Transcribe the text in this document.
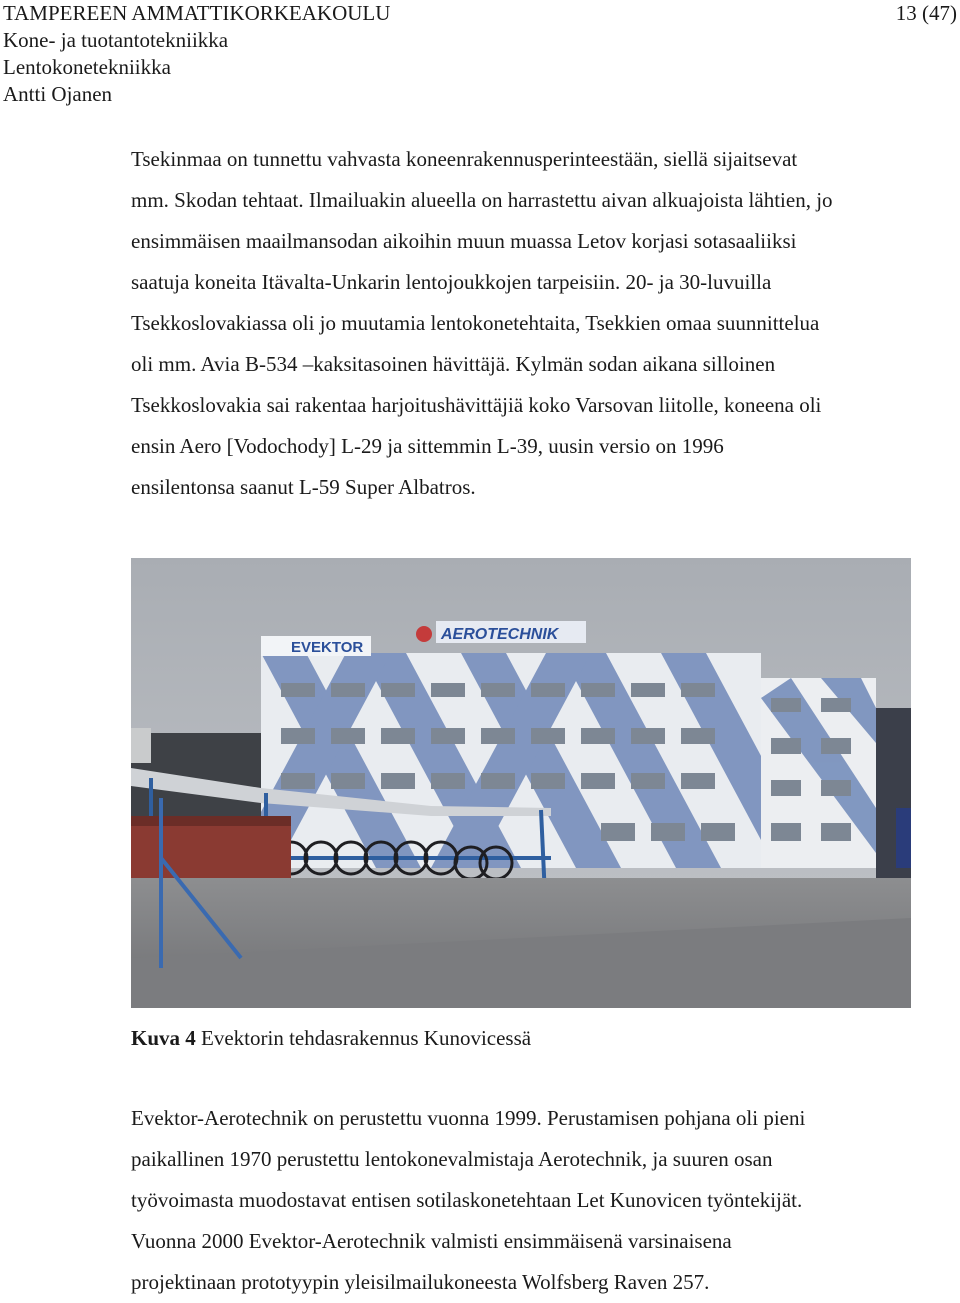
TAMPEREEN AMMATTIKORKEAKOULU
Kone- ja tuotantotekniikka
Lentokonetekniikka
Antti Ojanen
13 (47)
Tsekinmaa on tunnettu vahvasta koneenrakennusperinteestään, siellä sijaitsevat
mm. Skodan tehtaat. Ilmailuakin alueella on harrastettu aivan alkuajoista lähtien, jo
ensimmäisen maailmansodan aikoihin muun muassa Letov korjasi sotasaaliiksi
saatuja koneita Itävalta-Unkarin lentojoukkojen tarpeisiin. 20- ja 30-luvuilla
Tsekkoslovakiassa oli jo muutamia lentokonetehtaita, Tsekkien omaa suunnittelua
oli mm. Avia B-534 –kaksitasoinen hävittäjä. Kylmän sodan aikana silloinen
Tsekkoslovakia sai rakentaa harjoitushävittäjiä koko Varsovan liitolle, koneena oli
ensin Aero [Vodochody] L-29 ja sittemmin L-39, uusin versio on 1996
ensilentonsa saanut L-59 Super Albatros.
EVEKTOR
AEROTECHNIK
Kuva 4 Evektorin tehdasrakennus Kunovicessä
Evektor-Aerotechnik on perustettu vuonna 1999. Perustamisen pohjana oli pieni
paikallinen 1970 perustettu lentokonevalmistaja Aerotechnik, ja suuren osan
työvoimasta muodostavat entisen sotilaskonetehtaan Let Kunovicen työntekijät.
Vuonna 2000 Evektor-Aerotechnik valmisti ensimmäisenä varsinaisena
projektinaan prototyypin yleisilmailukoneesta Wolfsberg Raven 257.
